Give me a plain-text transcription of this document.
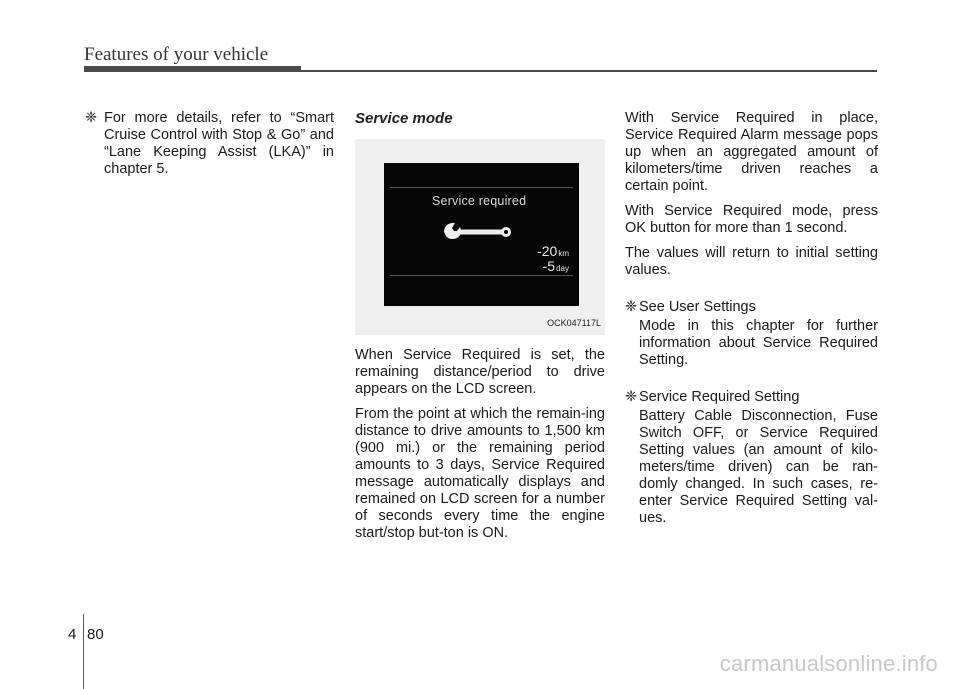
Features of your vehicle

❈ For more details, refer to “Smart Cruise Control with Stop & Go” and “Lane Keeping Assist (LKA)” in chapter 5.

Service mode
Service required
-20km
-5day
OCK047117L

When Service Required is set, the remaining distance/period to drive appears on the LCD screen.

From the point at which the remain-ing distance to drive amounts to 1,500 km (900 mi.) or the remaining period amounts to 3 days, Service Required message automatically displays and remained on LCD screen for a number of seconds every time the engine start/stop but-ton is ON.

With Service Required in place, Service Required Alarm message pops up when an aggregated amount of kilometers/time driven reaches a certain point.

With Service Required mode, press OK button for more than 1 second.

The values will return to initial setting values.

❈ See User Settings
Mode in this chapter for further information about Service Required Setting.
❈ Service Required Setting
Battery Cable Disconnection, Fuse Switch OFF, or Service Required Setting values (an amount of kilo-meters/time driven) can be ran-domly changed. In such cases, re-enter Service Required Setting val-ues.
4 80
carmanualsonline.info
